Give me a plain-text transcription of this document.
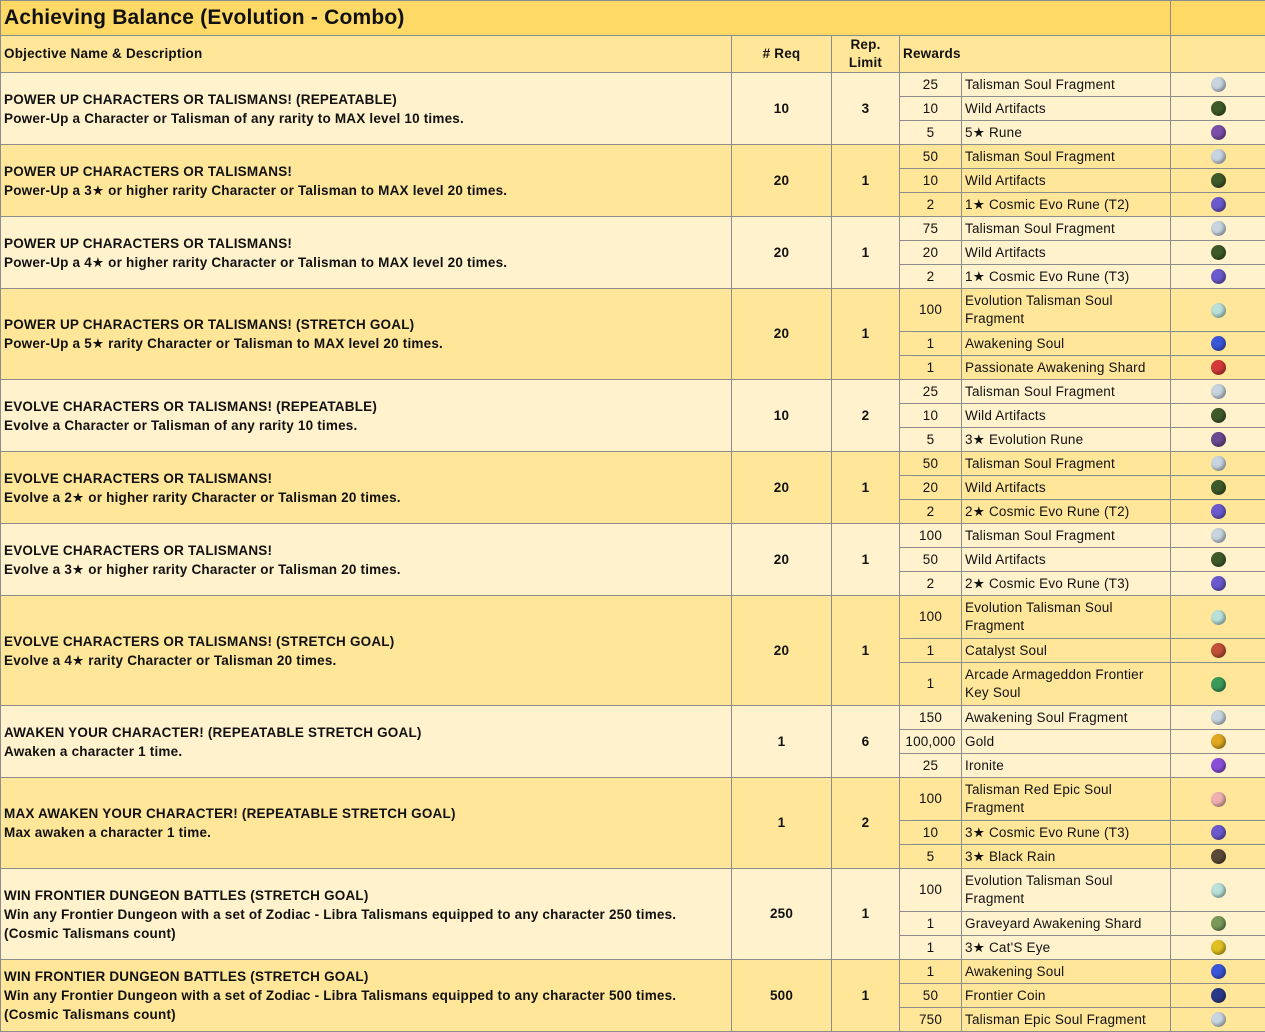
Achieving Balance (Evolution - Combo)					
Objective Name & Description	# Req	Rep. Limit	Rewards		

POWER UP CHARACTERS OR TALISMANS! (REPEATABLE)
Power-Up a Character or Talisman of any rarity to MAX level 10 times.	10	3	25	Talisman Soul Fragment	
			10	Wild Artifacts	
			5	5★ Rune	

POWER UP CHARACTERS OR TALISMANS!
Power-Up a 3★ or higher rarity Character or Talisman to MAX level 20 times.	20	1	50	Talisman Soul Fragment	
			10	Wild Artifacts	
			2	1★ Cosmic Evo Rune (T2)	

POWER UP CHARACTERS OR TALISMANS!
Power-Up a 4★ or higher rarity Character or Talisman to MAX level 20 times.	20	1	75	Talisman Soul Fragment	
			20	Wild Artifacts	
			2	1★ Cosmic Evo Rune (T3)	

POWER UP CHARACTERS OR TALISMANS! (STRETCH GOAL)
Power-Up a 5★ rarity Character or Talisman to MAX level 20 times.	20	1	100	Evolution Talisman Soul Fragment	
			1	Awakening Soul	
			1	Passionate Awakening Shard	

EVOLVE CHARACTERS OR TALISMANS! (REPEATABLE)
Evolve a Character or Talisman of any rarity 10 times.	10	2	25	Talisman Soul Fragment	
			10	Wild Artifacts	
			5	3★ Evolution Rune	

EVOLVE CHARACTERS OR TALISMANS!
Evolve a 2★ or higher rarity Character or Talisman 20 times.	20	1	50	Talisman Soul Fragment	
			20	Wild Artifacts	
			2	2★ Cosmic Evo Rune (T2)	

EVOLVE CHARACTERS OR TALISMANS!
Evolve a 3★ or higher rarity Character or Talisman 20 times.	20	1	100	Talisman Soul Fragment	
			50	Wild Artifacts	
			2	2★ Cosmic Evo Rune (T3)	

EVOLVE CHARACTERS OR TALISMANS! (STRETCH GOAL)
Evolve a 4★ rarity Character or Talisman 20 times.	20	1	100	Evolution Talisman Soul Fragment	
			1	Catalyst Soul	
			1	Arcade Armageddon Frontier Key Soul	

AWAKEN YOUR CHARACTER! (REPEATABLE STRETCH GOAL)
Awaken a character 1 time.	1	6	150	Awakening Soul Fragment	
			100,000	Gold	
			25	Ironite	

MAX AWAKEN YOUR CHARACTER! (REPEATABLE STRETCH GOAL)
Max awaken a character 1 time.	1	2	100	Talisman Red Epic Soul Fragment	
			10	3★ Cosmic Evo Rune (T3)	
			5	3★ Black Rain	

WIN FRONTIER DUNGEON BATTLES (STRETCH GOAL)
Win any Frontier Dungeon with a set of Zodiac - Libra Talismans equipped to any character 250 times. (Cosmic Talismans count)	250	1	100	Evolution Talisman Soul Fragment	
			1	Graveyard Awakening Shard	
			1	3★ Cat'S Eye	

WIN FRONTIER DUNGEON BATTLES (STRETCH GOAL)
Win any Frontier Dungeon with a set of Zodiac - Libra Talismans equipped to any character 500 times. (Cosmic Talismans count)	500	1	1	Awakening Soul	
			50	Frontier Coin	
			750	Talisman Epic Soul Fragment	
